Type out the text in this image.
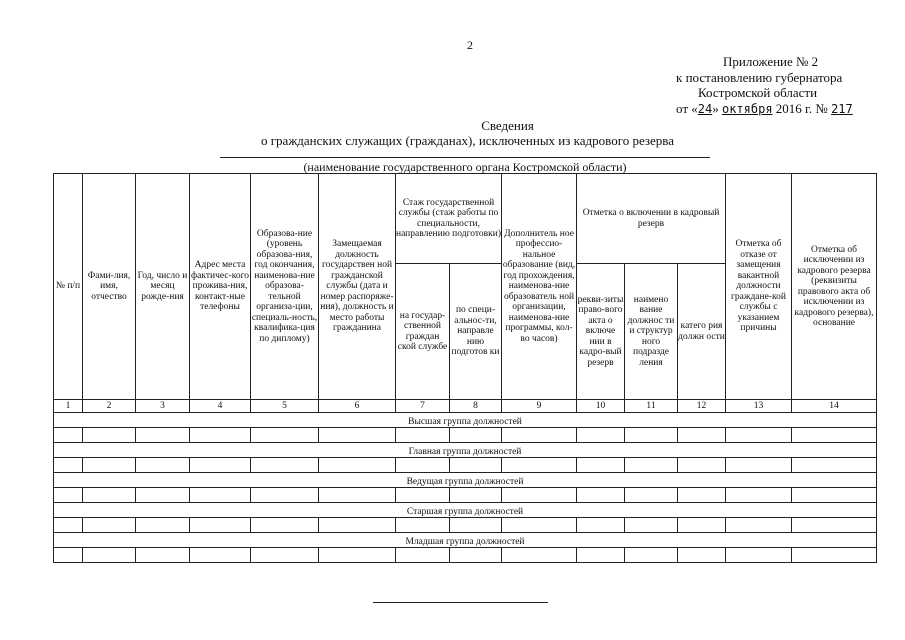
2
Приложение № 2
к постановлению губернатора
Костромской области
от «24» октября 2016 г. № 217
Сведения
о гражданских служащих (гражданах), исключенных из кадрового резерва
(наименование государственного органа Костромской области)
№ п/п	Фами-лия, имя, отчество	Год, число и месяц рожде-ния	Адрес места фактичес-кого прожива-ния, контакт-ные телефоны	Образова-ние (уровень образова-ния, год окончания, наименова-ние образова-тельной организа-ции, специаль-ность, квалифика-ция по диплому)	Замещаемая должность государствен ной гражданской службы (дата и номер распоряже-ния), должность и место работы гражданина	Стаж государственной службы (стаж работы по специальности, направлению подготовки)		Дополнитель ное профессио-нальное образование (вид, год прохождения, наименова-ние образователь ной организации, наименова-ние программы, кол-во часов)	Отметка о включении в кадровый резерв			Отметка об отказе от замещения вакантной должности граждане-кой службы с указанием причины	Отметка об исключении из кадрового резерва (реквизиты правового акта об исключении из кадрового резерва), основание
						на государ-ственной граждан ской службе	по специ-альнос-ти, направле нию подготов ки		рекви-зиты право-вого акта о включе нии в кадро-вый резерв	наимено вание должнос ти и структур ного подразде ления	катего рия должн ости		
1	2	3	4	5	6	7	8	9	10	11	12	13	14
Высшая группа должностей													

Главная группа должностей													

Ведущая группа должностей													

Старшая группа должностей													

Младшая группа должностей													
